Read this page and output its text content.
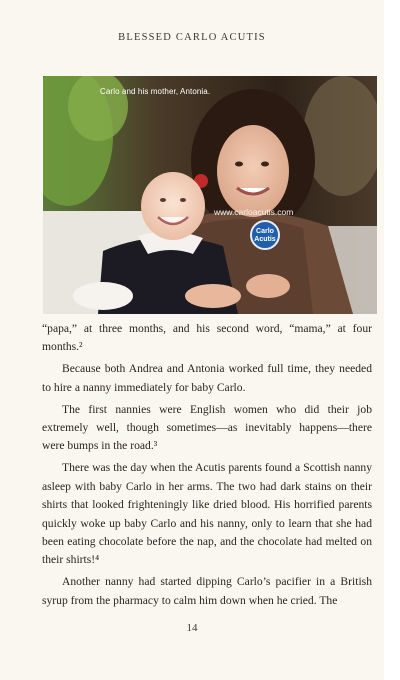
BLESSED CARLO ACUTIS
Carlo and his mother, Antonia.
www.carloacutis.com
Carlo
Acutis

“papa,” at three months, and his second word, “mama,” at four months.²

Because both Andrea and Antonia worked full time, they needed to hire a nanny immediately for baby Carlo.

The first nannies were English women who did their job extremely well, though sometimes—as inevitably happens—there were bumps in the road.³

There was the day when the Acutis parents found a Scottish nanny asleep with baby Carlo in her arms. The two had dark stains on their shirts that looked frighteningly like dried blood. His horrified parents quickly woke up baby Carlo and his nanny, only to learn that she had been eating chocolate before the nap, and the chocolate had melted on their shirts!⁴

Another nanny had started dipping Carlo’s pacifier in a British syrup from the pharmacy to calm him down when he cried. The

14
